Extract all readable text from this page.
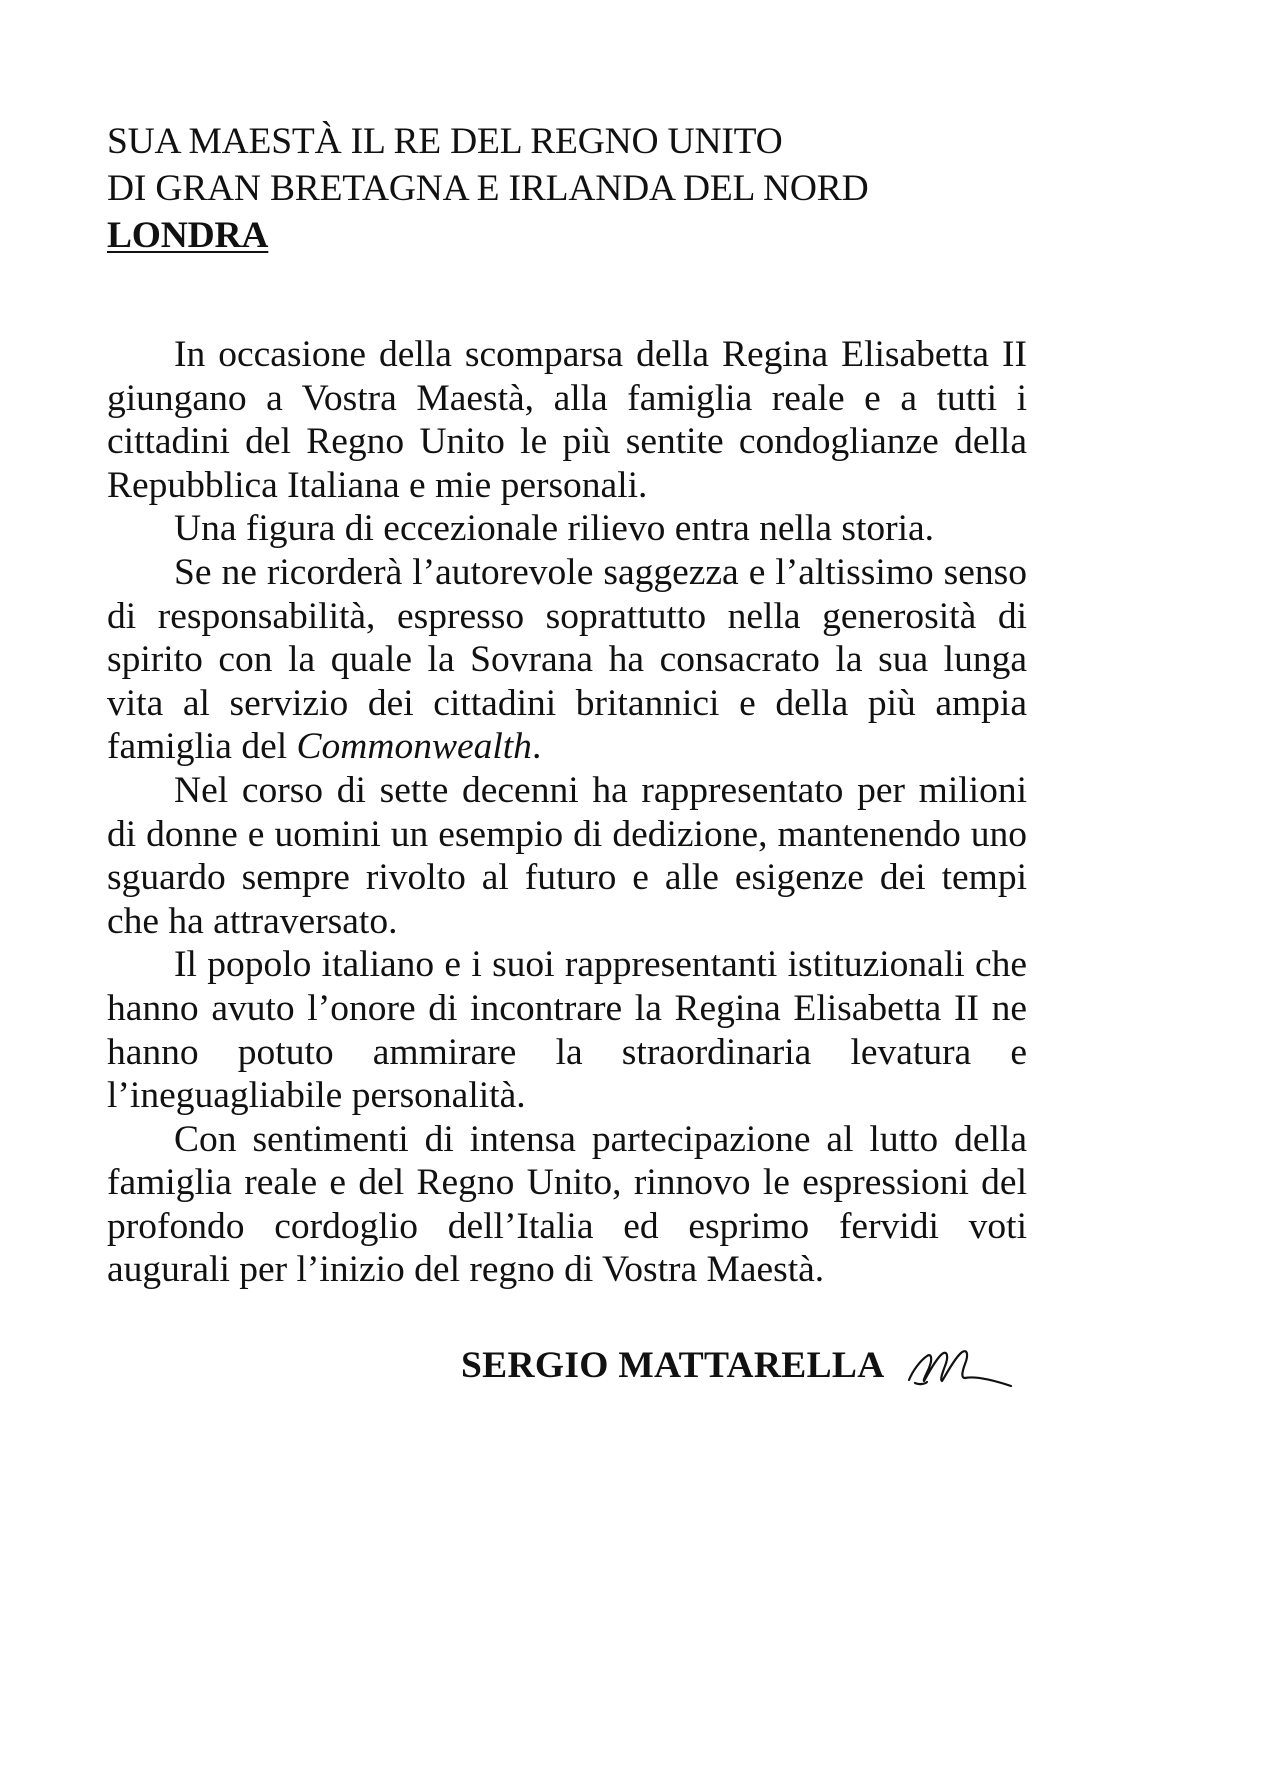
SUA MAESTÀ IL RE DEL REGNO UNITO
DI GRAN BRETAGNA E IRLANDA DEL NORD
LONDRA

In occasione della scomparsa della Regina Elisabetta II giungano a Vostra Maestà, alla famiglia reale e a tutti i cittadini del Regno Unito le più sentite condoglianze della Repubblica Italiana e mie personali.

Una figura di eccezionale rilievo entra nella storia.

Se ne ricorderà l’autorevole saggezza e l’altissimo senso di responsabilità, espresso soprattutto nella generosità di spirito con la quale la Sovrana ha consacrato la sua lunga vita al servizio dei cittadini britannici e della più ampia famiglia del Commonwealth.

Nel corso di sette decenni ha rappresentato per milioni di donne e uomini un esempio di dedizione, mantenendo uno sguardo sempre rivolto al futuro e alle esigenze dei tempi che ha attraversato.

Il popolo italiano e i suoi rappresentanti istituzionali che hanno avuto l’onore di incontrare la Regina Elisabetta II ne hanno potuto ammirare la straordinaria levatura e l’ineguagliabile personalità.

Con sentimenti di intensa partecipazione al lutto della famiglia reale e del Regno Unito, rinnovo le espressioni del profondo cordoglio dell’Italia ed esprimo fervidi voti augurali per l’inizio del regno di Vostra Maestà.

SERGIO MATTARELLA
